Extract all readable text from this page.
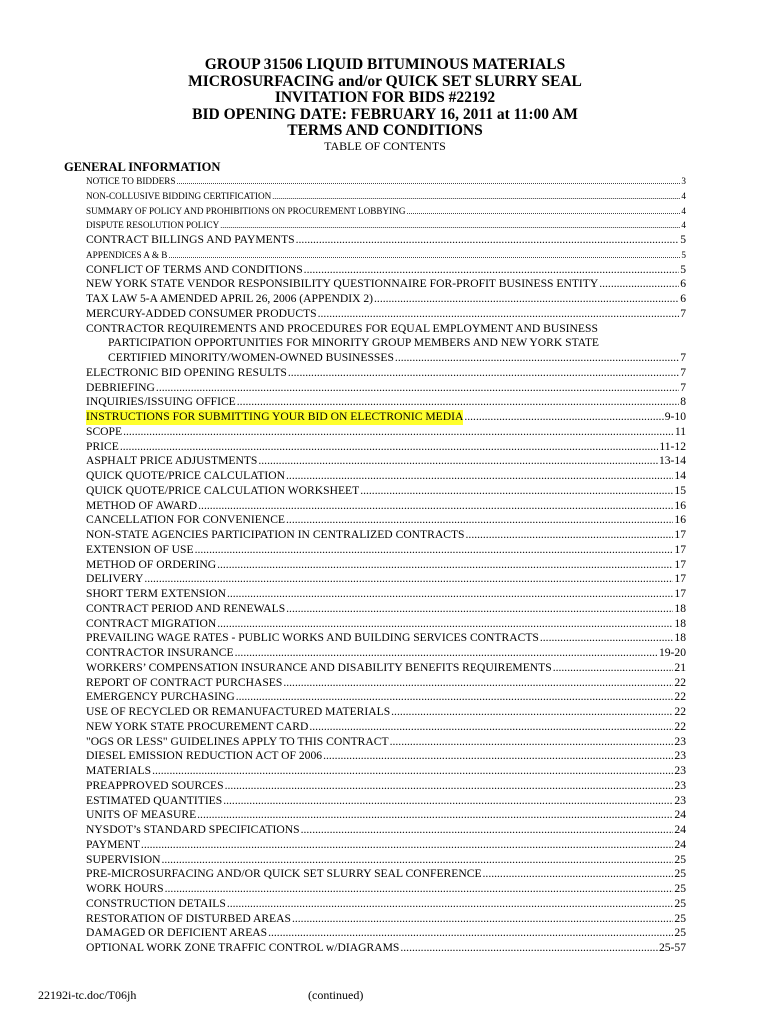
GROUP 31506 LIQUID BITUMINOUS MATERIALS
MICROSURFACING and/or QUICK SET SLURRY SEAL
INVITATION FOR BIDS #22192
BID OPENING DATE: FEBRUARY 16, 2011 at 11:00 AM
TERMS AND CONDITIONS
TABLE OF CONTENTS
GENERAL INFORMATION
NOTICE TO BIDDERS .....	3
NON-COLLUSIVE BIDDING CERTIFICATION .....	4
SUMMARY OF POLICY AND PROHIBITIONS ON PROCUREMENT LOBBYING .....	4
DISPUTE RESOLUTION POLICY .....	4
CONTRACT BILLINGS AND PAYMENTS .....	5
APPENDICES A & B .....	5
CONFLICT OF TERMS AND CONDITIONS .....	5
NEW YORK STATE VENDOR RESPONSIBILITY QUESTIONNAIRE FOR-PROFIT BUSINESS ENTITY .....	6
TAX LAW 5-A AMENDED APRIL 26, 2006 (APPENDIX 2) .....	6
MERCURY-ADDED CONSUMER PRODUCTS .....	7
CONTRACTOR REQUIREMENTS AND PROCEDURES FOR EQUAL EMPLOYMENT AND BUSINESS
PARTICIPATION OPPORTUNITIES FOR MINORITY GROUP MEMBERS AND NEW YORK STATE
CERTIFIED MINORITY/WOMEN-OWNED BUSINESSES .....	7
ELECTRONIC BID OPENING RESULTS .....	7
DEBRIEFING .....	7
INQUIRIES/ISSUING OFFICE .....	8
INSTRUCTIONS FOR SUBMITTING YOUR BID ON ELECTRONIC MEDIA .....	9-10
SCOPE .....	11
PRICE .....	11-12
ASPHALT PRICE ADJUSTMENTS .....	13-14
QUICK QUOTE/PRICE CALCULATION .....	14
QUICK QUOTE/PRICE CALCULATION WORKSHEET .....	15
METHOD OF AWARD .....	16
CANCELLATION FOR CONVENIENCE .....	16
NON-STATE AGENCIES PARTICIPATION IN CENTRALIZED CONTRACTS .....	17
EXTENSION OF USE .....	17
METHOD OF ORDERING .....	17
DELIVERY .....	17
SHORT TERM EXTENSION .....	17
CONTRACT PERIOD AND RENEWALS .....	18
CONTRACT MIGRATION .....	18
PREVAILING WAGE RATES - PUBLIC WORKS AND BUILDING SERVICES CONTRACTS .....	18
CONTRACTOR INSURANCE .....	19-20
WORKERS’ COMPENSATION INSURANCE AND DISABILITY BENEFITS REQUIREMENTS .....	21
REPORT OF CONTRACT PURCHASES .....	22
EMERGENCY PURCHASING .....	22
USE OF RECYCLED OR REMANUFACTURED MATERIALS .....	22
NEW YORK STATE PROCUREMENT CARD .....	22
"OGS OR LESS" GUIDELINES APPLY TO THIS CONTRACT .....	23
DIESEL EMISSION REDUCTION ACT OF 2006 .....	23
MATERIALS .....	23
PREAPPROVED SOURCES .....	23
ESTIMATED QUANTITIES .....	23
UNITS OF MEASURE .....	24
NYSDOT’s STANDARD SPECIFICATIONS .....	24
PAYMENT .....	24
SUPERVISION .....	25
PRE-MICROSURFACING AND/OR QUICK SET SLURRY SEAL CONFERENCE .....	25
WORK HOURS .....	25
CONSTRUCTION DETAILS .....	25
RESTORATION OF DISTURBED AREAS .....	25
DAMAGED OR DEFICIENT AREAS .....	25
OPTIONAL WORK ZONE TRAFFIC CONTROL w/DIAGRAMS .....	25-57
22192i-tc.doc/T06jh	(continued)
